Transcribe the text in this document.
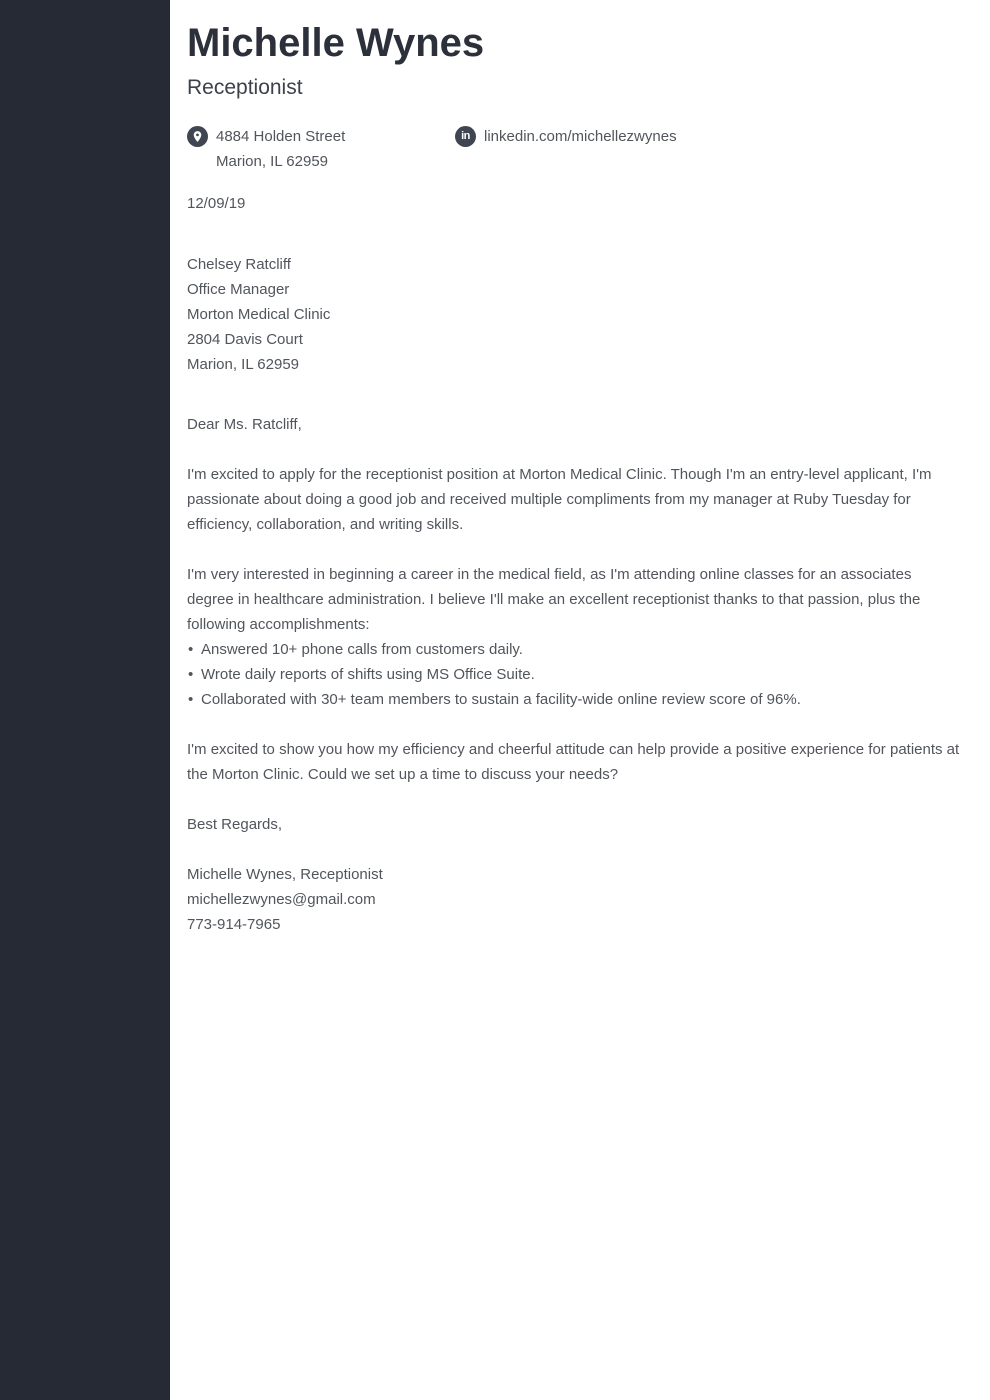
Michelle Wynes
Receptionist
4884 Holden Street
Marion, IL 62959
in linkedin.com/michellezwynes
12/09/19
Chelsey Ratcliff
Office Manager
Morton Medical Clinic
2804 Davis Court
Marion, IL 62959
Dear Ms. Ratcliff,

I'm excited to apply for the receptionist position at Morton Medical Clinic. Though I'm an entry-level applicant, I'm passionate about doing a good job and received multiple compliments from my manager at Ruby Tuesday for efficiency, collaboration, and writing skills.

I'm very interested in beginning a career in the medical field, as I'm attending online classes for an associates degree in healthcare administration. I believe I'll make an excellent receptionist thanks to that passion, plus the following accomplishments:

• Answered 10+ phone calls from customers daily.
• Wrote daily reports of shifts using MS Office Suite.
• Collaborated with 30+ team members to sustain a facility-wide online review score of 96%.

I'm excited to show you how my efficiency and cheerful attitude can help provide a positive experience for patients at the Morton Clinic. Could we set up a time to discuss your needs?

Best Regards,
Michelle Wynes, Receptionist
michellezwynes@gmail.com
773-914-7965
